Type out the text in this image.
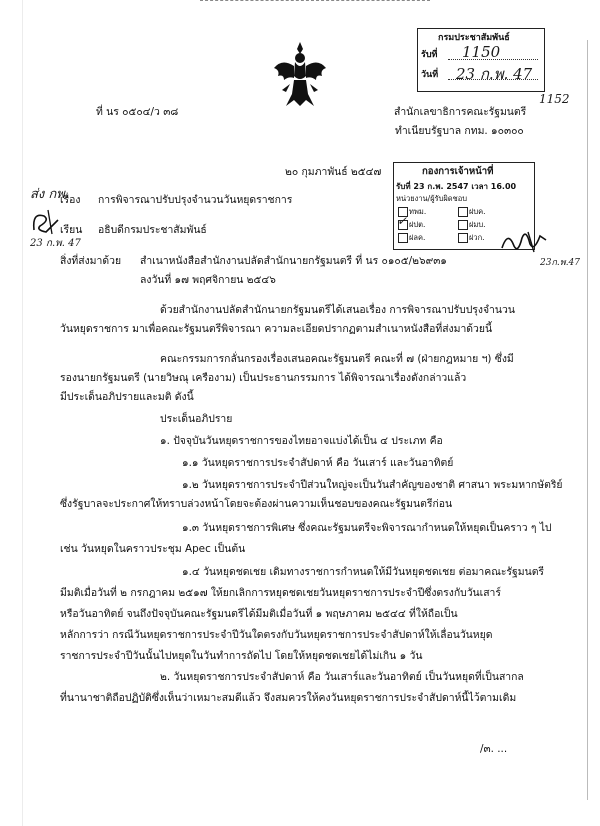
กรมประชาสัมพันธ์
รับที่ 1150
วันที่ 23 ก.พ. 47
1152
ที่ นร ๐๕๐๔/ว ๓๘	สำนักเลขาธิการคณะรัฐมนตรี
ทำเนียบรัฐบาล กทม. ๑๐๓๐๐
๒๐ กุมภาพันธ์ ๒๕๔๗	กองการเจ้าหน้าที่
รับที่ 23 ก.พ. 2547 เวลา 16.00
หน่วยงาน/ผู้รับผิดชอบ
ทพม.	ฝบค.
✓ ฝปต.	ฝมบ.
ฝลค.	ฝวก.
23ก.พ.47
ส่ง กพ.
23 ก.พ. 47
เรื่อง การพิจารณาปรับปรุงจำนวนวันหยุดราชการ
เรียน อธิบดีกรมประชาสัมพันธ์
สิ่งที่ส่งมาด้วย สำเนาหนังสือสำนักงานปลัดสำนักนายกรัฐมนตรี ที่ นร ๐๑๐๕/๒๖๙๓๑
ลงวันที่ ๑๗ พฤศจิกายน ๒๕๔๖
ด้วยสำนักงานปลัดสำนักนายกรัฐมนตรีได้เสนอเรื่อง การพิจารณาปรับปรุงจำนวน
วันหยุดราชการ มาเพื่อคณะรัฐมนตรีพิจารณา ความละเอียดปรากฏตามสำเนาหนังสือที่ส่งมาด้วยนี้
คณะกรรมการกลั่นกรองเรื่องเสนอคณะรัฐมนตรี คณะที่ ๗ (ฝ่ายกฎหมาย ฯ) ซึ่งมี
รองนายกรัฐมนตรี (นายวิษณุ เครืองาม) เป็นประธานกรรมการ ได้พิจารณาเรื่องดังกล่าวแล้ว
มีประเด็นอภิปรายและมติ ดังนี้
ประเด็นอภิปราย
๑. ปัจจุบันวันหยุดราชการของไทยอาจแบ่งได้เป็น ๔ ประเภท คือ
๑.๑ วันหยุดราชการประจำสัปดาห์ คือ วันเสาร์ และวันอาทิตย์
๑.๒ วันหยุดราชการประจำปีส่วนใหญ่จะเป็นวันสำคัญของชาติ ศาสนา พระมหากษัตริย์
ซึ่งรัฐบาลจะประกาศให้ทราบล่วงหน้าโดยจะต้องผ่านความเห็นชอบของคณะรัฐมนตรีก่อน
๑.๓ วันหยุดราชการพิเศษ ซึ่งคณะรัฐมนตรีจะพิจารณากำหนดให้หยุดเป็นคราว ๆ ไป
เช่น วันหยุดในคราวประชุม Apec เป็นต้น
๑.๔ วันหยุดชดเชย เดิมทางราชการกำหนดให้มีวันหยุดชดเชย ต่อมาคณะรัฐมนตรี
มีมติเมื่อวันที่ ๒ กรกฎาคม ๒๕๑๗ ให้ยกเลิกการหยุดชดเชยวันหยุดราชการประจำปีซึ่งตรงกับวันเสาร์
หรือวันอาทิตย์ จนถึงปัจจุบันคณะรัฐมนตรีได้มีมติเมื่อวันที่ ๑ พฤษภาคม ๒๕๔๔ ที่ให้ถือเป็น
หลักการว่า กรณีวันหยุดราชการประจำปีวันใดตรงกับวันหยุดราชการประจำสัปดาห์ให้เลื่อนวันหยุด
ราชการประจำปีวันนั้นไปหยุดในวันทำการถัดไป โดยให้หยุดชดเชยได้ไม่เกิน ๑ วัน
๒. วันหยุดราชการประจำสัปดาห์ คือ วันเสาร์และวันอาทิตย์ เป็นวันหยุดที่เป็นสากล
ที่นานาชาติถือปฏิบัติซึ่งเห็นว่าเหมาะสมดีแล้ว จึงสมควรให้คงวันหยุดราชการประจำสัปดาห์นี้ไว้ตามเดิม
/๓. ...
